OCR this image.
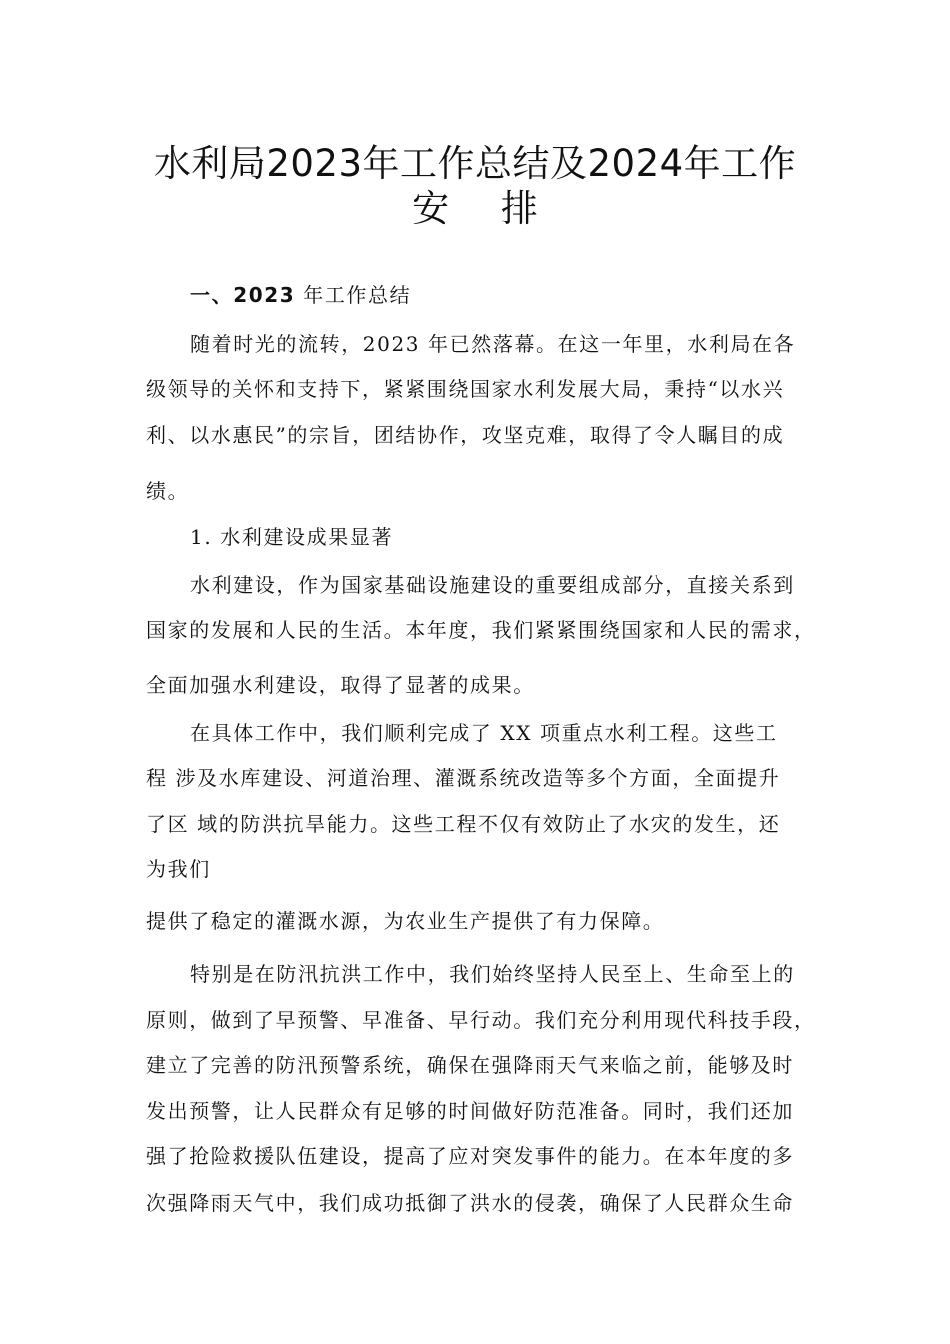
水利局2023年工作总结及2024年工作
安 排
一、2023 年工作总结
随着时光的流转，2023 年已然落幕。在这一年里，水利局在各
级领导的关怀和支持下，紧紧围绕国家水利发展大局，秉持“以水兴
利、以水惠民”的宗旨，团结协作，攻坚克难，取得了令人瞩目的成
绩。
1. 水利建设成果显著
水利建设，作为国家基础设施建设的重要组成部分，直接关系到
国家的发展和人民的生活。本年度，我们紧紧围绕国家和人民的需求，
全面加强水利建设，取得了显著的成果。
在具体工作中，我们顺利完成了 XX 项重点水利工程。这些工
程 涉及水库建设、河道治理、灌溉系统改造等多个方面，全面提升
了区 域的防洪抗旱能力。这些工程不仅有效防止了水灾的发生，还
为我们
提供了稳定的灌溉水源，为农业生产提供了有力保障。
特别是在防汛抗洪工作中，我们始终坚持人民至上、生命至上的
原则，做到了早预警、早准备、早行动。我们充分利用现代科技手段，
建立了完善的防汛预警系统，确保在强降雨天气来临之前，能够及时
发出预警，让人民群众有足够的时间做好防范准备。同时，我们还加
强了抢险救援队伍建设，提高了应对突发事件的能力。在本年度的多
次强降雨天气中，我们成功抵御了洪水的侵袭，确保了人民群众生命
